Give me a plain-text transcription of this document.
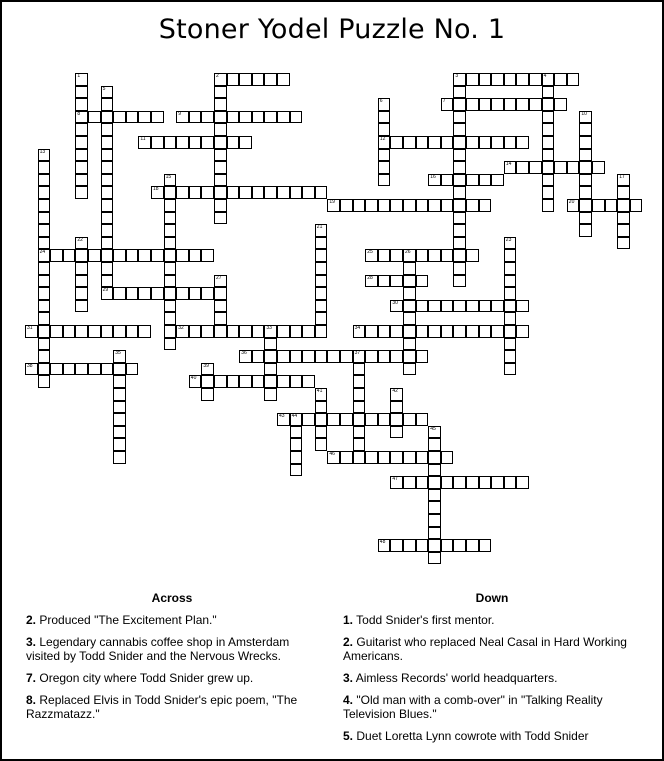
Stoner Yodel Puzzle No. 1
1
8
2	3	4
5
6
12
7
9	10
11
13
24
14
15	16	17
18
19	20
21
22	23
25	26
27	28
29
30
31	32	33	34
35	36	37
38	39
40
41	42
43 44
45
46
47
48
Across	Down
2. Produced "The Excitement Plan."
3. Legendary cannabis coffee shop in Amsterdam visited by Todd Snider and the Nervous Wrecks.
7. Oregon city where Todd Snider grew up.
8. Replaced Elvis in Todd Snider's epic poem, "The Razzmatazz."
1. Todd Snider's first mentor.
2. Guitarist who replaced Neal Casal in Hard Working Americans.
3. Aimless Records' world headquarters.
4. "Old man with a comb-over" in "Talking Reality Television Blues."
5. Duet Loretta Lynn cowrote with Todd Snider
